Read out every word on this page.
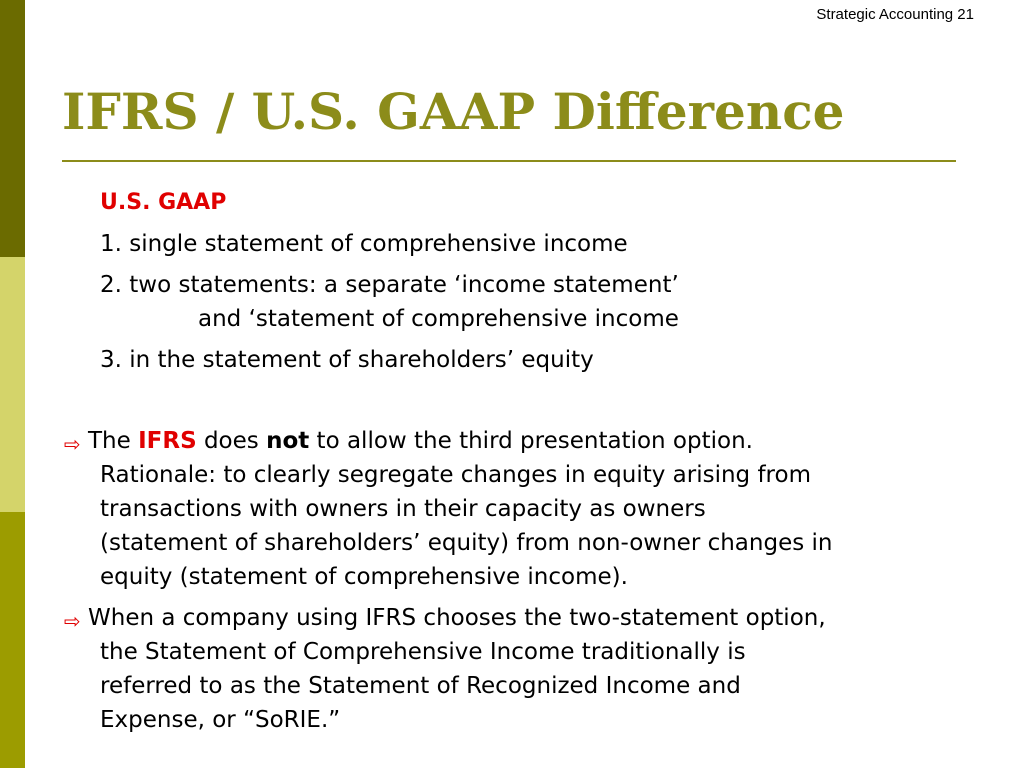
Strategic Accounting 21
IFRS / U.S. GAAP Difference
U.S. GAAP
1. single statement of comprehensive income
2. two statements: a separate ‘income statement’
and ‘statement of comprehensive income
3. in the statement of shareholders’ equity
⇨ The IFRS does not to allow the third presentation option.
Rationale: to clearly segregate changes in equity arising from
transactions with owners in their capacity as owners
(statement of shareholders’ equity) from non-owner changes in
equity (statement of comprehensive income).
⇨ When a company using IFRS chooses the two-statement option,
the Statement of Comprehensive Income traditionally is
referred to as the Statement of Recognized Income and
Expense, or “SoRIE.”
